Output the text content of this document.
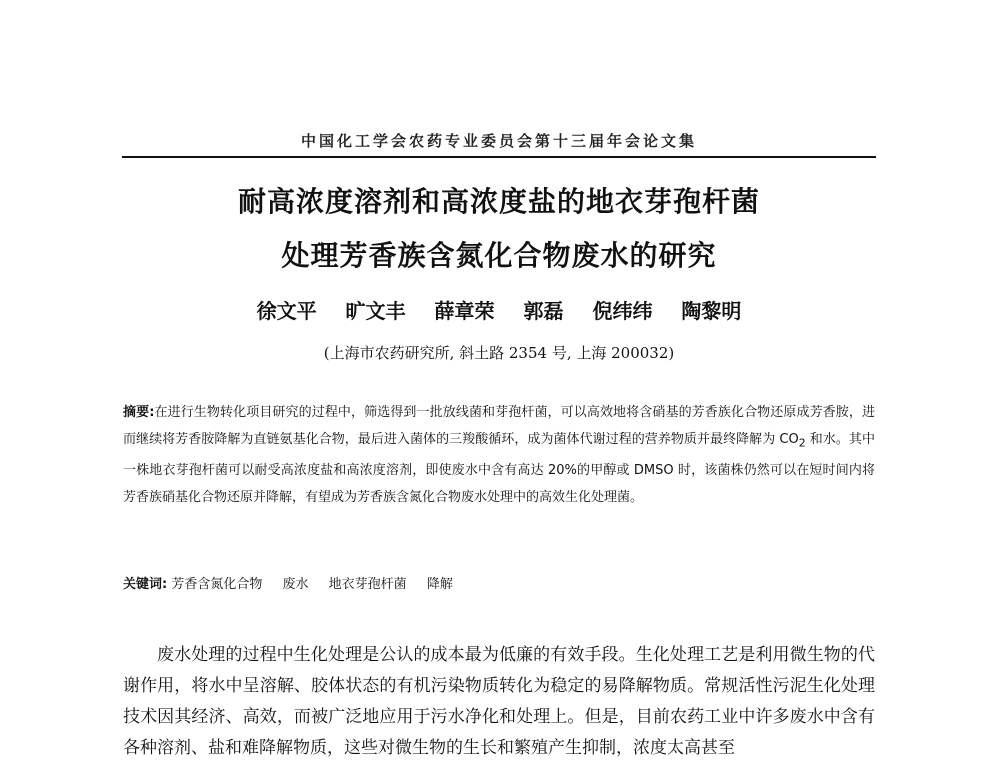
中国化工学会农药专业委员会第十三届年会论文集
耐高浓度溶剂和高浓度盐的地衣芽孢杆菌
处理芳香族含氮化合物废水的研究
徐文平 旷文丰 薛章荣 郭磊 倪纬纬 陶黎明
(上海市农药研究所, 斜土路 2354 号, 上海 200032)
摘要:在进行生物转化项目研究的过程中，筛选得到一批放线菌和芽孢杆菌，可以高效地将含硝基的芳香族化合物还原成芳香胺，进而继续将芳香胺降解为直链氨基化合物，最后进入菌体的三羧酸循环，成为菌体代谢过程的营养物质并最终降解为 $CO_2$ 和水。其中一株地衣芽孢杆菌可以耐受高浓度盐和高浓度溶剂，即使废水中含有高达 20%的甲醇或 DMSO 时，该菌株仍然可以在短时间内将芳香族硝基化合物还原并降解，有望成为芳香族含氮化合物废水处理中的高效生化处理菌。
关键词: 芳香含氮化合物 废水 地衣芽孢杆菌 降解
废水处理的过程中生化处理是公认的成本最为低廉的有效手段。生化处理工艺是利用微生物的代谢作用，将水中呈溶解、胶体状态的有机污染物质转化为稳定的易降解物质。常规活性污泥生化处理技术因其经济、高效，而被广泛地应用于污水净化和处理上。但是，目前农药工业中许多废水中含有各种溶剂、盐和难降解物质，这些对微生物的生长和繁殖产生抑制，浓度太高甚至
